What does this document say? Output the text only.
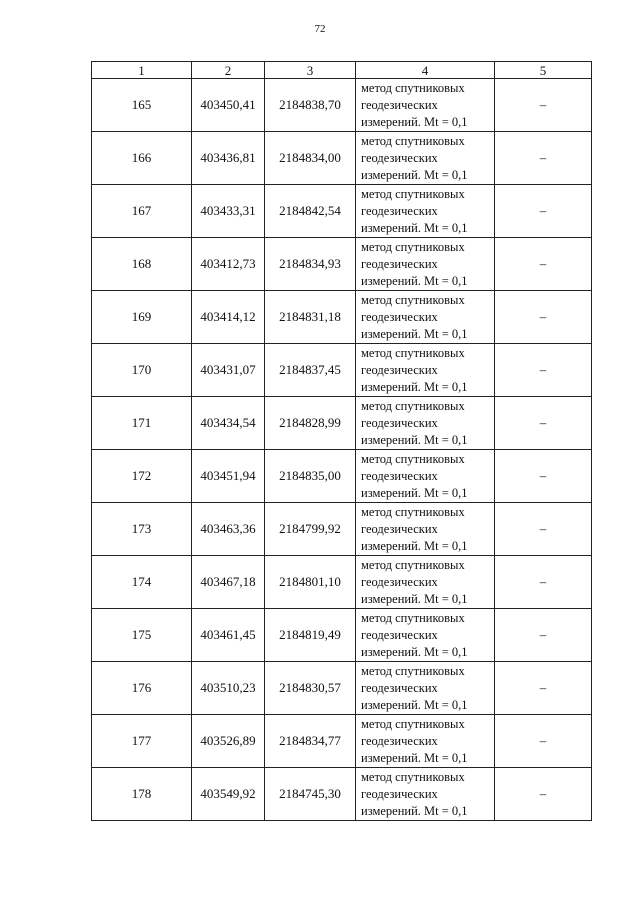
72
1	2	3	4	5
165	403450,41	2184838,70	метод спутниковых
геодезических
измерений. Mt = 0,1	–
166	403436,81	2184834,00	метод спутниковых
геодезических
измерений. Mt = 0,1	–
167	403433,31	2184842,54	метод спутниковых
геодезических
измерений. Mt = 0,1	–
168	403412,73	2184834,93	метод спутниковых
геодезических
измерений. Mt = 0,1	–
169	403414,12	2184831,18	метод спутниковых
геодезических
измерений. Mt = 0,1	–
170	403431,07	2184837,45	метод спутниковых
геодезических
измерений. Mt = 0,1	–
171	403434,54	2184828,99	метод спутниковых
геодезических
измерений. Mt = 0,1	–
172	403451,94	2184835,00	метод спутниковых
геодезических
измерений. Mt = 0,1	–
173	403463,36	2184799,92	метод спутниковых
геодезических
измерений. Mt = 0,1	–
174	403467,18	2184801,10	метод спутниковых
геодезических
измерений. Mt = 0,1	–
175	403461,45	2184819,49	метод спутниковых
геодезических
измерений. Mt = 0,1	–
176	403510,23	2184830,57	метод спутниковых
геодезических
измерений. Mt = 0,1	–
177	403526,89	2184834,77	метод спутниковых
геодезических
измерений. Mt = 0,1	–
178	403549,92	2184745,30	метод спутниковых
геодезических
измерений. Mt = 0,1	–
